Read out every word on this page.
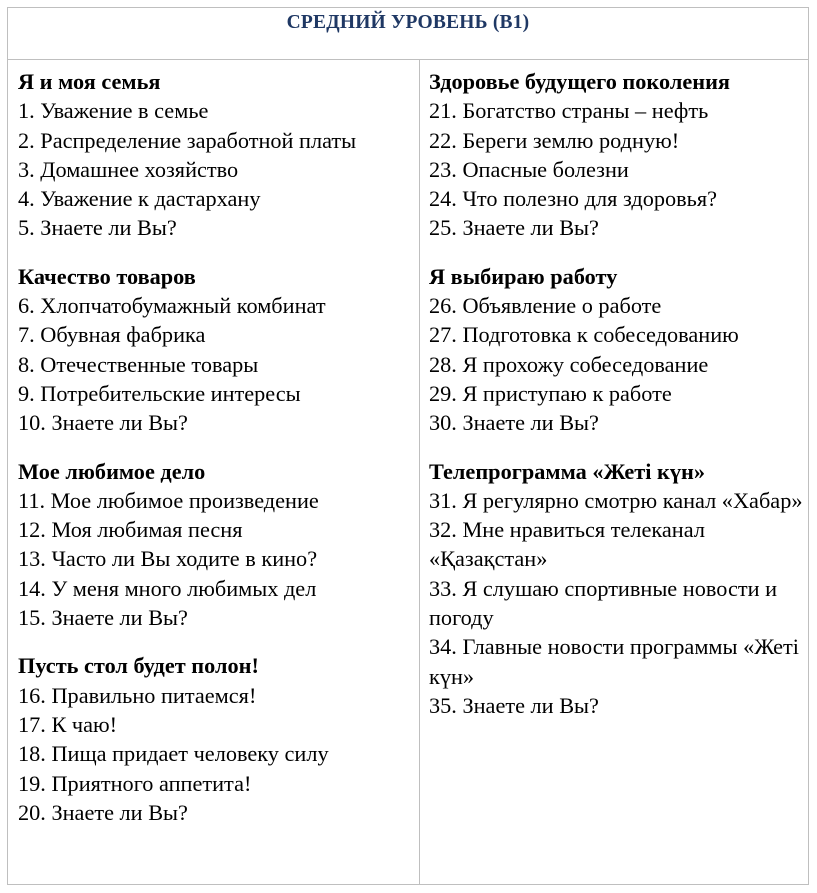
СРЕДНИЙ УРОВЕНЬ (B1)
Я и моя семья
1. Уважение в семье
2. Распределение заработной платы
3. Домашнее хозяйство
4. Уважение к дастархану
5. Знаете ли Вы?
Качество товаров
6. Хлопчатобумажный комбинат
7. Обувная фабрика
8. Отечественные товары
9. Потребительские интересы
10. Знаете ли Вы?
Мое любимое дело
11. Мое любимое произведение
12. Моя любимая песня
13. Часто ли Вы ходите в кино?
14. У меня много любимых дел
15. Знаете ли Вы?
Пусть стол будет полон!
16. Правильно питаемся!
17. К чаю!
18. Пища придает человеку силу
19. Приятного аппетита!
20. Знаете ли Вы?
Здоровье будущего поколения
21. Богатство страны – нефть
22. Береги землю родную!
23. Опасные болезни
24. Что полезно для здоровья?
25. Знаете ли Вы?
Я выбираю работу
26. Объявление о работе
27. Подготовка к собеседованию
28. Я прохожу собеседование
29. Я приступаю к работе
30. Знаете ли Вы?
Телепрограмма «Жеті күн»
31. Я регулярно смотрю канал «Хабар»
32. Мне нравиться телеканал «Қазақстан»
33. Я слушаю спортивные новости и погоду
34. Главные новости программы «Жеті күн»
35. Знаете ли Вы?
